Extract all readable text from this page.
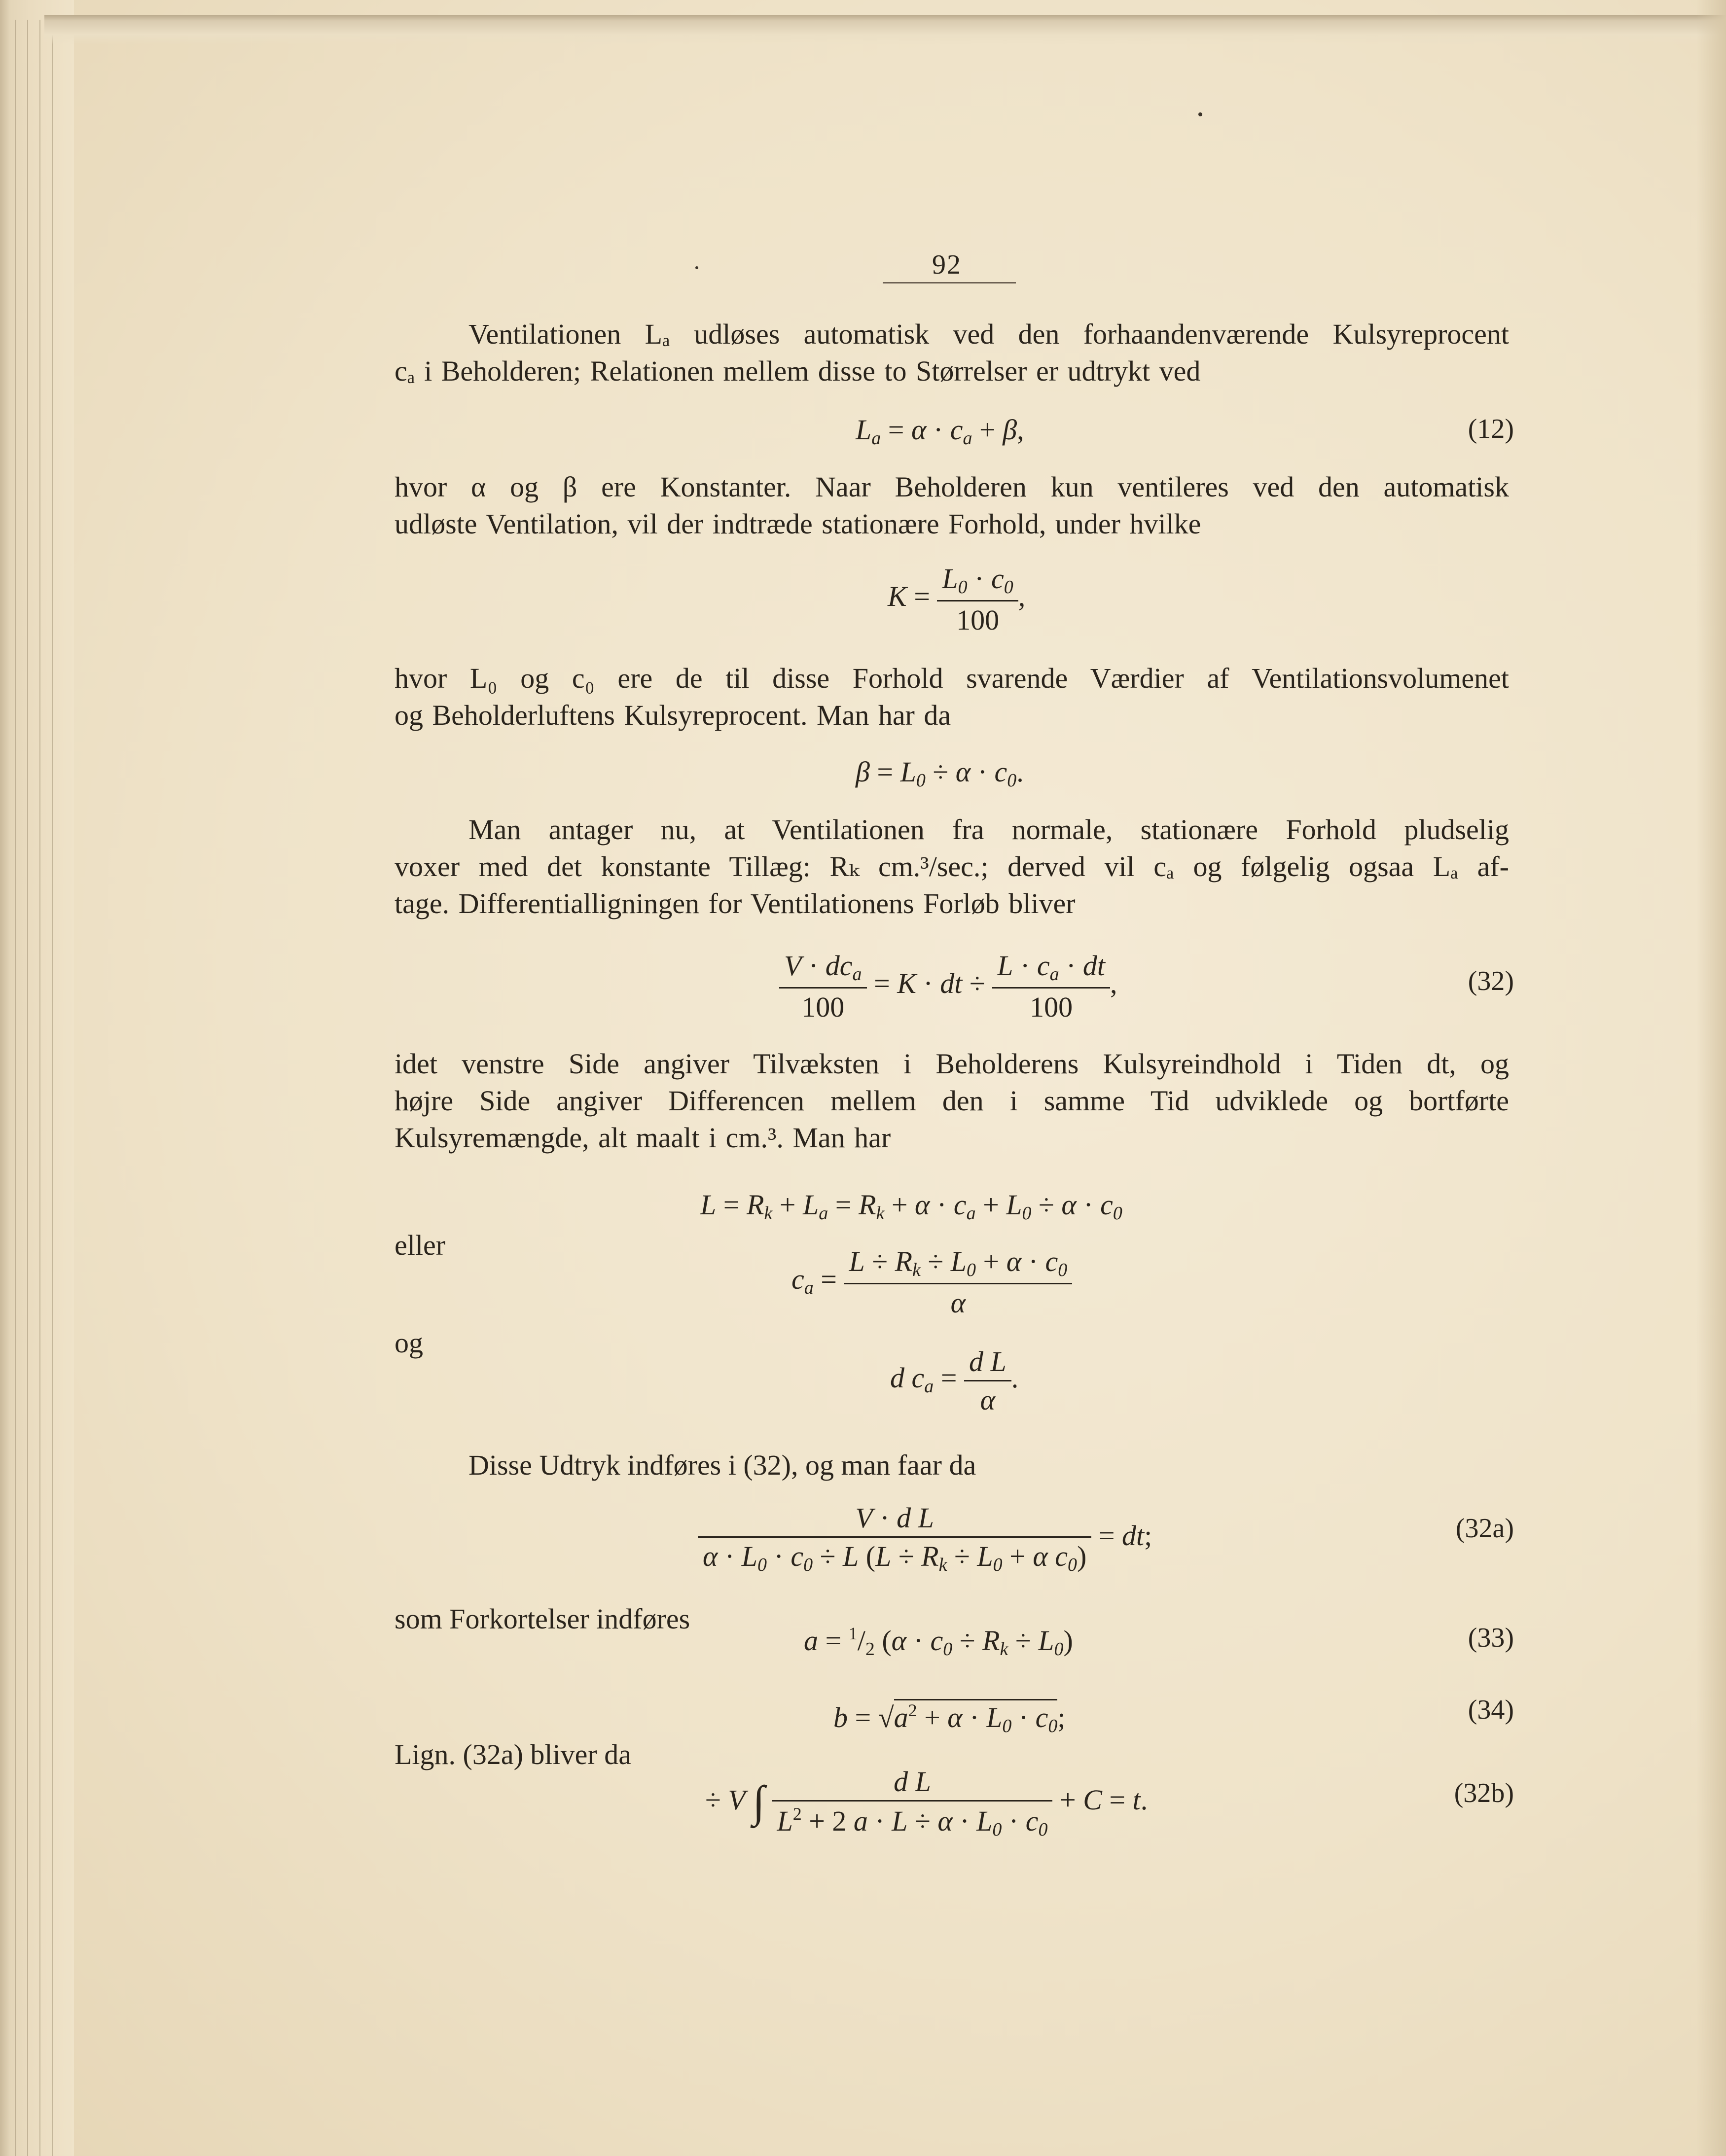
92
Ventilationen Lₐ udløses automatisk ved den forhaandenværende Kulsyreprocent
cₐ i Beholderen; Relationen mellem disse to Størrelser er udtrykt ved
$L_a = \alpha \cdot c_a + \beta$,	(12)
hvor α og β ere Konstanter. Naar Beholderen kun ventileres ved den automatisk
udløste Ventilation, vil der indtræde stationære Forhold, under hvilke
$K = \frac{L_0 \cdot c_0}{100}$ ,
hvor L₀ og c₀ ere de til disse Forhold svarende Værdier af Ventilationsvolumenet
og Beholderluftens Kulsyreprocent. Man har da
$\beta = L_0 \div \alpha \cdot c_0$.
Man antager nu, at Ventilationen fra normale, stationære Forhold pludselig
voxer med det konstante Tillæg: Rₖ cm.³/sec.; derved vil cₐ og følgelig ogsaa Lₐ af-
tage. Differentialligningen for Ventilationens Forløb bliver
$\frac{V \cdot dc_a}{100} = K$ · dt ÷ $\frac{L \cdot c_a \cdot dt}{100}$ ,	(32)
idet venstre Side angiver Tilvæksten i Beholderens Kulsyreindhold i Tiden dt, og
højre Side angiver Differencen mellem den i samme Tid udviklede og bortførte
Kulsyremængde, alt maalt i cm.³. Man har
$L = R_k + L_a = R_k + \alpha \cdot c_a + L_0 \div \alpha \cdot c_0$
eller
$c_a = \frac{L \div R_k \div L_0 + \alpha \cdot c_0}{\alpha}$
og
d $c_a = \frac{\text{d L}}{\alpha}$ .
Disse Udtryk indføres i (32), og man faar da
$\frac{\text{V · d L}}{\alpha \cdot L_0 \cdot c_0 \div L (L \div R_k \div L_0 + \alpha c_0)}$ = dt;	(32a)
som Forkortelser indføres
$a = ^1/_2$ $(\alpha \cdot c_0 \div R_k \div L_0)$	(33)
$b = √a^2 + \alpha \cdot L_0 \cdot c_0$;	(34)
Lign. (32a) bliver da
÷ V ∫ $\frac{\text{d L}}{L^2 + 2 a \cdot L \div \alpha \cdot L_0 \cdot c_0} + C = t$.	(32b)
